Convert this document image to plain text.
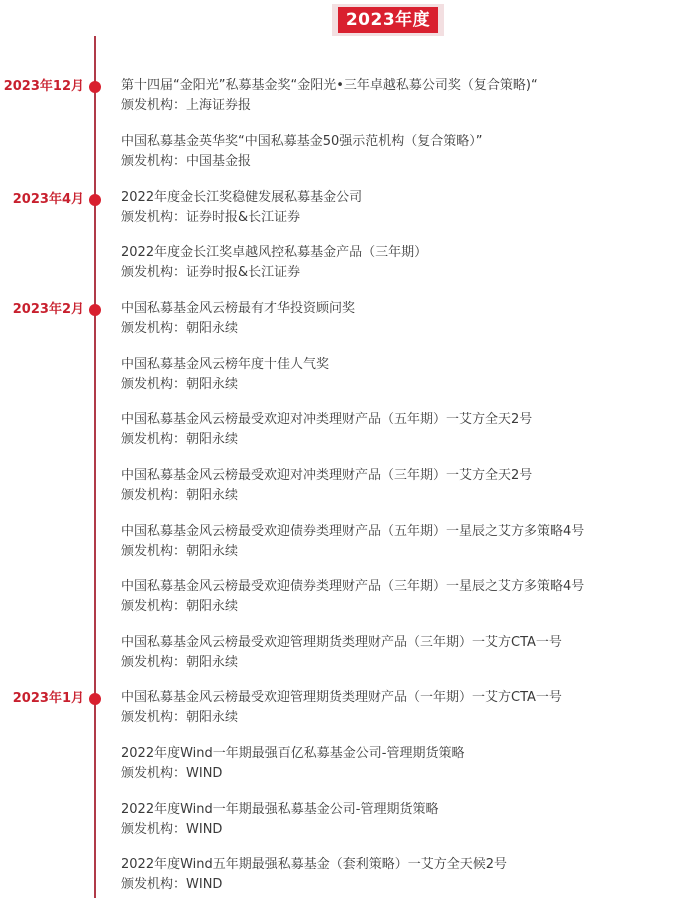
2023年度
2023年12月
2023年4月
2023年2月
2023年1月
第十四届“金阳光”私募基金奖“金阳光•三年卓越私募公司奖（复合策略)“
颁发机构：上海证券报
中国私募基金英华奖“中国私募基金50强示范机构（复合策略）”
颁发机构：中国基金报
2022年度金长江奖稳健发展私募基金公司
颁发机构：证券时报&长江证券
2022年度金长江奖卓越风控私募基金产品（三年期）
颁发机构：证券时报&长江证券
中国私募基金风云榜最有才华投资顾问奖
颁发机构：朝阳永续
中国私募基金风云榜年度十佳人气奖
颁发机构：朝阳永续
中国私募基金风云榜最受欢迎对冲类理财产品（五年期）一艾方全天2号
颁发机构：朝阳永续
中国私募基金风云榜最受欢迎对冲类理财产品（三年期）一艾方全天2号
颁发机构：朝阳永续
中国私募基金风云榜最受欢迎债券类理财产品（五年期）一星辰之艾方多策略4号
颁发机构：朝阳永续
中国私募基金风云榜最受欢迎债券类理财产品（三年期）一星辰之艾方多策略4号
颁发机构：朝阳永续
中国私募基金风云榜最受欢迎管理期货类理财产品（三年期）一艾方CTA一号
颁发机构：朝阳永续
中国私募基金风云榜最受欢迎管理期货类理财产品（一年期）一艾方CTA一号
颁发机构：朝阳永续
2022年度Wind一年期最强百亿私募基金公司-管理期货策略
颁发机构：WIND
2022年度Wind一年期最强私募基金公司-管理期货策略
颁发机构：WIND
2022年度Wind五年期最强私募基金（套利策略）一艾方全天候2号
颁发机构：WIND
